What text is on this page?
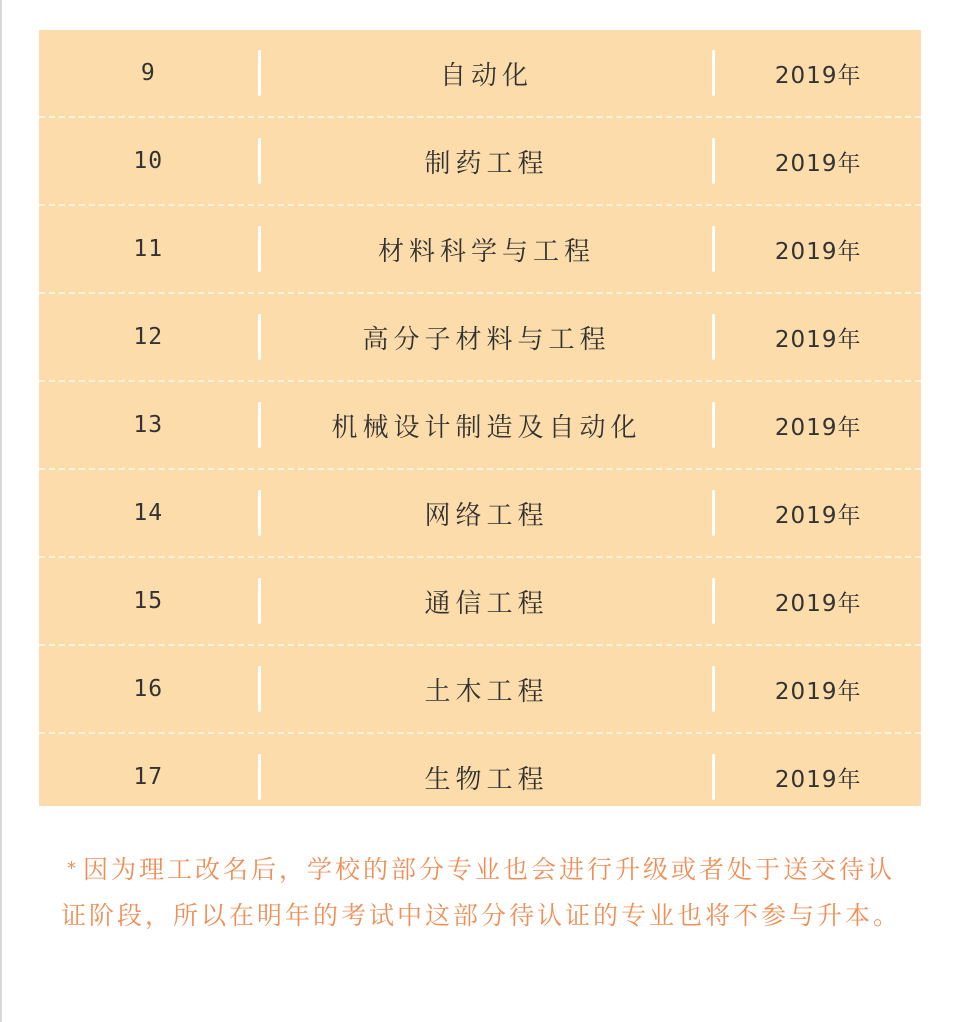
9	自动化	2019年
10	制药工程	2019年
11	材料科学与工程	2019年
12	高分子材料与工程	2019年
13	机械设计制造及自动化	2019年
14	网络工程	2019年
15	通信工程	2019年
16	土木工程	2019年
17	生物工程	2019年
* 因为理工改名后，学校的部分专业也会进行升级或者处于送交待认证阶段，所以在明年的考试中这部分待认证的专业也将不参与升本。
